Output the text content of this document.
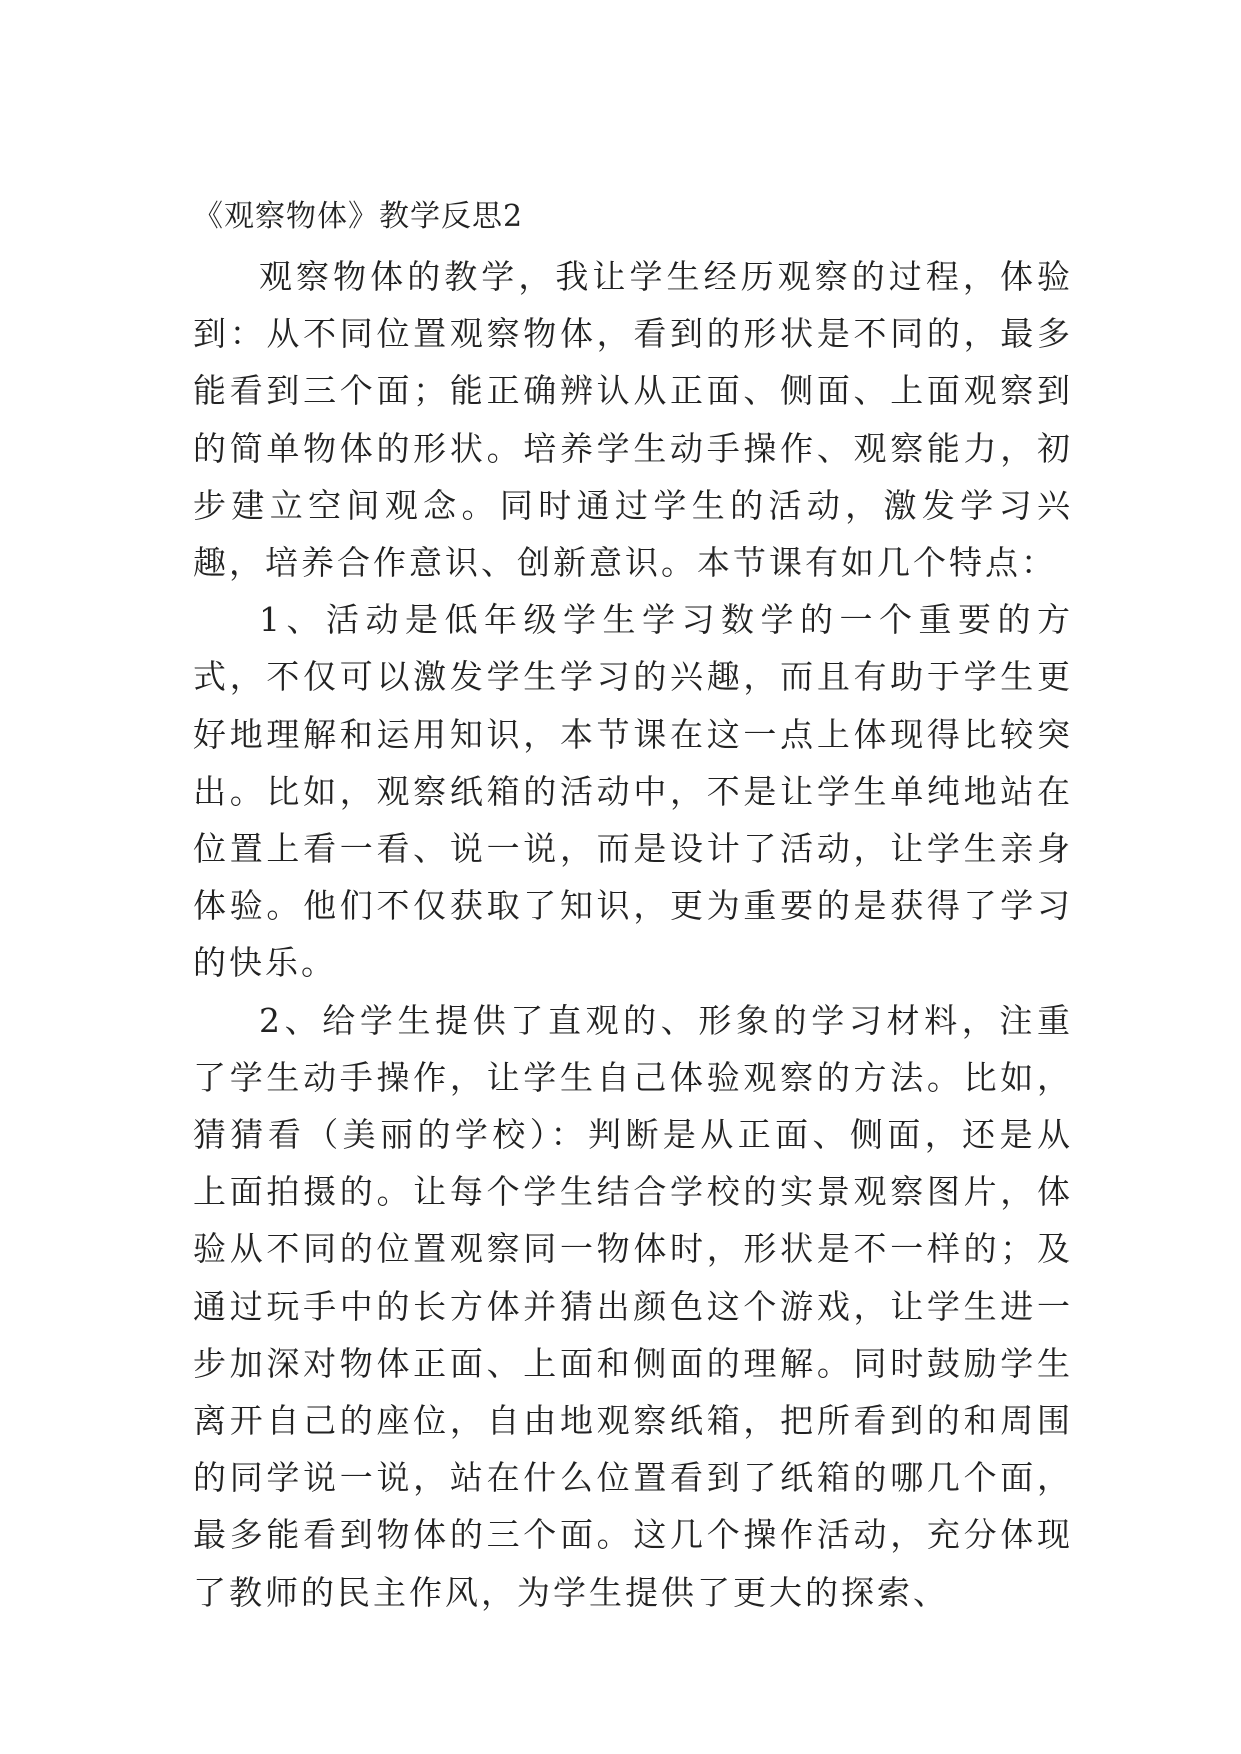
《观察物体》教学反思2

观察物体的教学，我让学生经历观察的过程，体验到：从不同位置观察物体，看到的形状是不同的，最多能看到三个面；能正确辨认从正面、侧面、上面观察到的简单物体的形状。培养学生动手操作、观察能力，初步建立空间观念。同时通过学生的活动，激发学习兴趣，培养合作意识、创新意识。本节课有如几个特点：

1、活动是低年级学生学习数学的一个重要的方式，不仅可以激发学生学习的兴趣，而且有助于学生更好地理解和运用知识，本节课在这一点上体现得比较突出。比如，观察纸箱的活动中，不是让学生单纯地站在位置上看一看、说一说，而是设计了活动，让学生亲身体验。他们不仅获取了知识，更为重要的是获得了学习的快乐。

2、给学生提供了直观的、形象的学习材料，注重了学生动手操作，让学生自己体验观察的方法。比如，猜猜看（美丽的学校）：判断是从正面、侧面，还是从上面拍摄的。让每个学生结合学校的实景观察图片，体验从不同的位置观察同一物体时，形状是不一样的；及通过玩手中的长方体并猜出颜色这个游戏，让学生进一步加深对物体正面、上面和侧面的理解。同时鼓励学生离开自己的座位，自由地观察纸箱，把所看到的和周围的同学说一说，站在什么位置看到了纸箱的哪几个面，最多能看到物体的三个面。这几个操作活动，充分体现了教师的民主作风，为学生提供了更大的探索、
